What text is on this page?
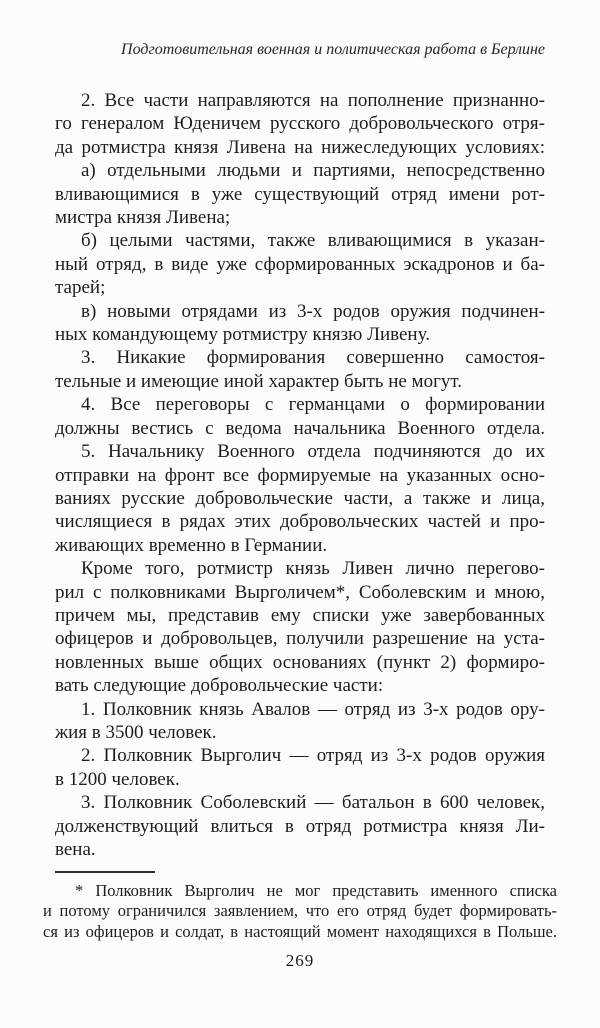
Подготовительная военная и политическая работа в Берлине
2. Все части направляются на пополнение признанно-
го генералом Юденичем русского добровольческого отря-
да ротмистра князя Ливена на нижеследующих условиях:
а) отдельными людьми и партиями, непосредственно
вливающимися в уже существующий отряд имени рот-
мистра князя Ливена;
б) целыми частями, также вливающимися в указан-
ный отряд, в виде уже сформированных эскадронов и ба-
тарей;
в) новыми отрядами из 3-х родов оружия подчинен-
ных командующему ротмистру князю Ливену.
3. Никакие формирования совершенно самостоя-
тельные и имеющие иной характер быть не могут.
4. Все переговоры с германцами о формировании
должны вестись с ведома начальника Военного отдела.
5. Начальнику Военного отдела подчиняются до их
отправки на фронт все формируемые на указанных осно-
ваниях русские добровольческие части, а также и лица,
числящиеся в рядах этих добровольческих частей и про-
живающих временно в Германии.
Кроме того, ротмистр князь Ливен лично перегово-
рил с полковниками Вырголичем*, Соболевским и мною,
причем мы, представив ему списки уже завербованных
офицеров и добровольцев, получили разрешение на уста-
новленных выше общих основаниях (пункт 2) формиро-
вать следующие добровольческие части:
1. Полковник князь Авалов — отряд из 3-х родов ору-
жия в 3500 человек.
2. Полковник Вырголич — отряд из 3-х родов оружия
в 1200 человек.
3. Полковник Соболевский — батальон в 600 человек,
долженствующий влиться в отряд ротмистра князя Ли-
вена.
* Полковник Вырголич не мог представить именного списка
и потому ограничился заявлением, что его отряд будет формировать-
ся из офицеров и солдат, в настоящий момент находящихся в Польше.
269
